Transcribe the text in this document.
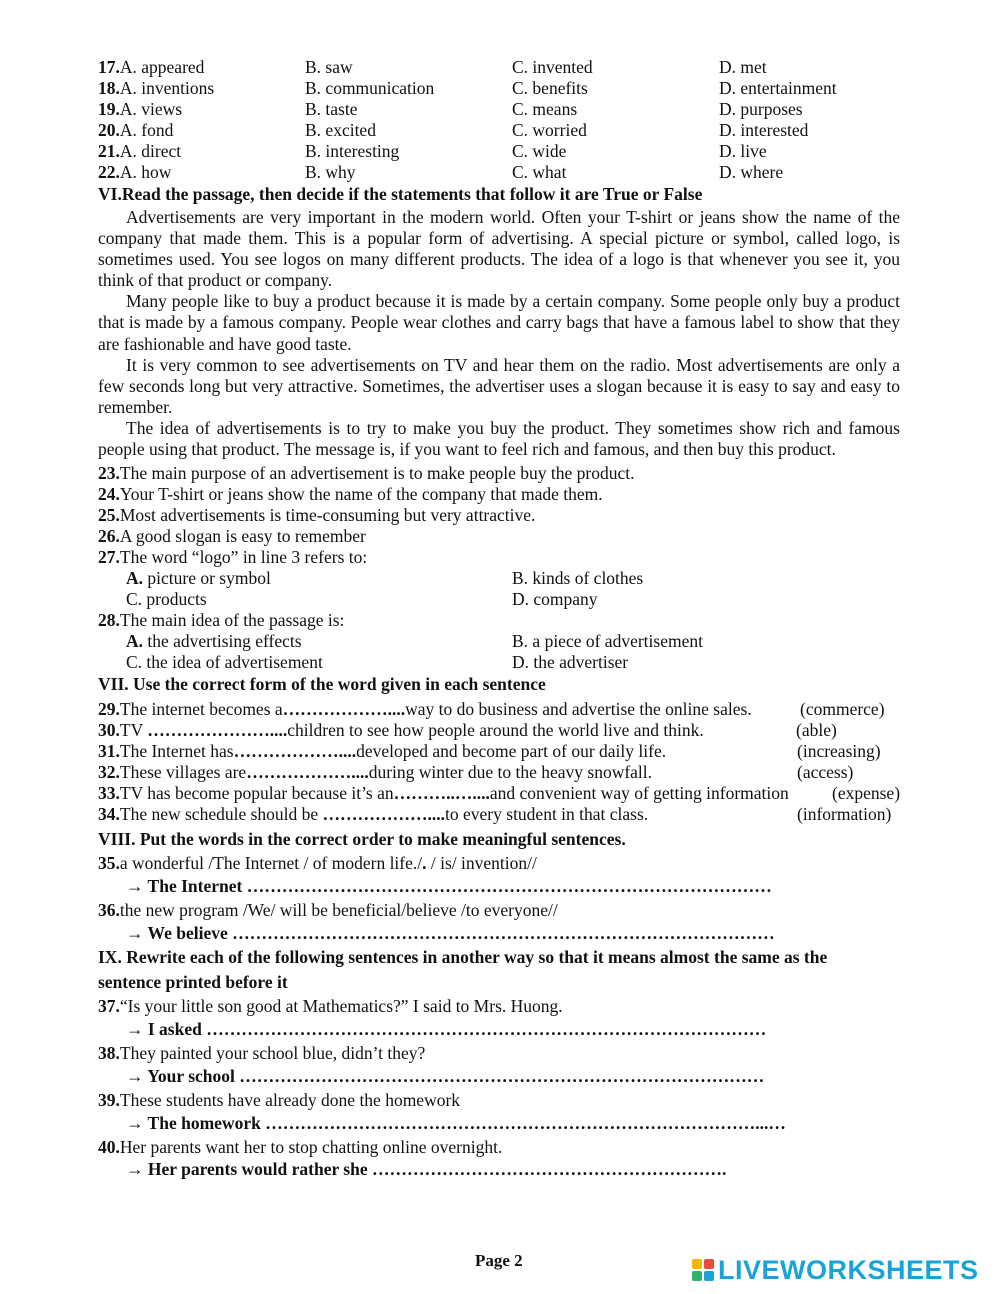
17.A. appeared	B. saw	C. invented	D. met
18.A. inventions	B. communication	C. benefits	D. entertainment
19.A. views	B. taste	C. means	D. purposes
20.A. fond	B. excited	C. worried	D. interested
21.A. direct	B. interesting	C. wide	D. live
22.A. how	B. why	C. what	D. where
VI.Read the passage, then decide if the statements that follow it are True or False

Advertisements are very important in the modern world. Often your T-shirt or jeans show the name of the company that made them. This is a popular form of advertising. A special picture or symbol, called logo, is sometimes used. You see logos on many different products. The idea of a logo is that whenever you see it, you think of that product or company.

Many people like to buy a product because it is made by a certain company. Some people only buy a product that is made by a famous company. People wear clothes and carry bags that have a famous label to show that they are fashionable and have good taste.

It is very common to see advertisements on TV and hear them on the radio. Most advertisements are only a few seconds long but very attractive. Sometimes, the advertiser uses a slogan because it is easy to say and easy to remember.

The idea of advertisements is to try to make you buy the product. They sometimes show rich and famous people using that product. The message is, if you want to feel rich and famous, and then buy this product.

23.The main purpose of an advertisement is to make people buy the product.
24.Your T-shirt or jeans show the name of the company that made them.
25.Most advertisements is time-consuming but very attractive.
26.A good slogan is easy to remember
27.The word “logo” in line 3 refers to:
A. picture or symbol	B. kinds of clothes
C. products	D. company
28.The main idea of the passage is:
A. the advertising effects	B. a piece of advertisement
C. the idea of advertisement	D. the advertiser
VII. Use the correct form of the word given in each sentence
29.The internet becomes a………………....way to do business and advertise the online sales.	(commerce)
30.TV …………………....children to see how people around the world live and think.	(able)
31.The Internet has………………....developed and become part of our daily life.	(increasing)
32.These villages are………………....during winter due to the heavy snowfall.	(access)
33.TV has become popular because it’s an………..…....and convenient way of getting information (expense)
34.The new schedule should be ………………....to every student in that class.	(information)
VIII. Put the words in the correct order to make meaningful sentences.
35.a wonderful /The Internet / of modern life./. / is/ invention//
→ The Internet ………………………………………………………………………………
36.the new program /We/ will be beneficial/believe /to everyone//
→ We believe …………………………………………………………………………………
IX. Rewrite each of the following sentences in another way so that it means almost the same as the
sentence printed before it
37.“Is your little son good at Mathematics?” I said to Mrs. Huong.
→ I asked ……………………………………………………………………………………
38.They painted your school blue, didn’t they?
→ Your school ………………………………………………………………………………
39.These students have already done the homework
→ The homework …………………………………………………………………………...…
40.Her parents want her to stop chatting online overnight.
→ Her parents would rather she …………………………………………………….
Page 2	LIVEWORKSHEETS
